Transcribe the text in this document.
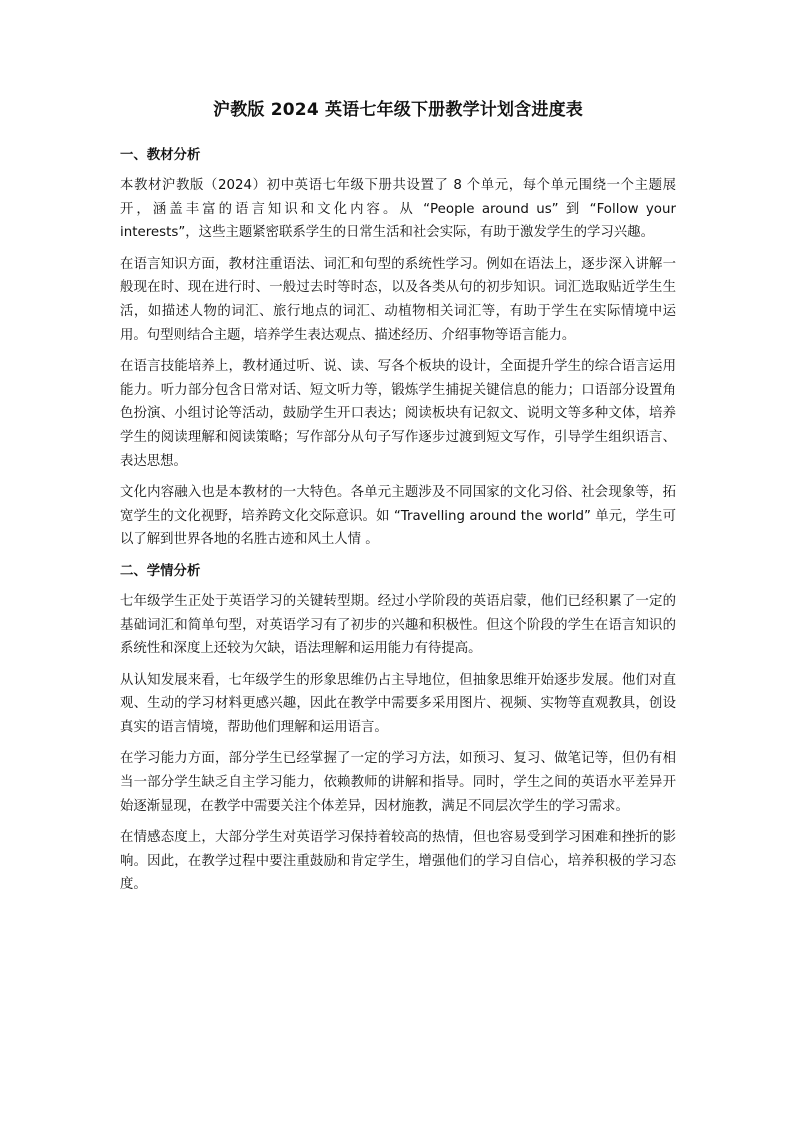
沪教版 2024 英语七年级下册教学计划含进度表
一、教材分析

本教材沪教版（2024）初中英语七年级下册共设置了 8 个单元，每个单元围绕一个主题展开，涵盖丰富的语言知识和文化内容。从 “People around us” 到 “Follow your interests”，这些主题紧密联系学生的日常生活和社会实际，有助于激发学生的学习兴趣。

在语言知识方面，教材注重语法、词汇和句型的系统性学习。例如在语法上，逐步深入讲解一般现在时、现在进行时、一般过去时等时态，以及各类从句的初步知识。词汇选取贴近学生生活，如描述人物的词汇、旅行地点的词汇、动植物相关词汇等，有助于学生在实际情境中运用。句型则结合主题，培养学生表达观点、描述经历、介绍事物等语言能力。

在语言技能培养上，教材通过听、说、读、写各个板块的设计，全面提升学生的综合语言运用能力。听力部分包含日常对话、短文听力等，锻炼学生捕捉关键信息的能力；口语部分设置角色扮演、小组讨论等活动，鼓励学生开口表达；阅读板块有记叙文、说明文等多种文体，培养学生的阅读理解和阅读策略；写作部分从句子写作逐步过渡到短文写作，引导学生组织语言、表达思想。

文化内容融入也是本教材的一大特色。各单元主题涉及不同国家的文化习俗、社会现象等，拓宽学生的文化视野，培养跨文化交际意识。如 “Travelling around the world” 单元，学生可以了解到世界各地的名胜古迹和风土人情 。

二、学情分析

七年级学生正处于英语学习的关键转型期。经过小学阶段的英语启蒙，他们已经积累了一定的基础词汇和简单句型，对英语学习有了初步的兴趣和积极性。但这个阶段的学生在语言知识的系统性和深度上还较为欠缺，语法理解和运用能力有待提高。

从认知发展来看，七年级学生的形象思维仍占主导地位，但抽象思维开始逐步发展。他们对直观、生动的学习材料更感兴趣，因此在教学中需要多采用图片、视频、实物等直观教具，创设真实的语言情境，帮助他们理解和运用语言。

在学习能力方面，部分学生已经掌握了一定的学习方法，如预习、复习、做笔记等，但仍有相当一部分学生缺乏自主学习能力，依赖教师的讲解和指导。同时，学生之间的英语水平差异开始逐渐显现，在教学中需要关注个体差异，因材施教，满足不同层次学生的学习需求。

在情感态度上，大部分学生对英语学习保持着较高的热情，但也容易受到学习困难和挫折的影响。因此，在教学过程中要注重鼓励和肯定学生，增强他们的学习自信心，培养积极的学习态度。
